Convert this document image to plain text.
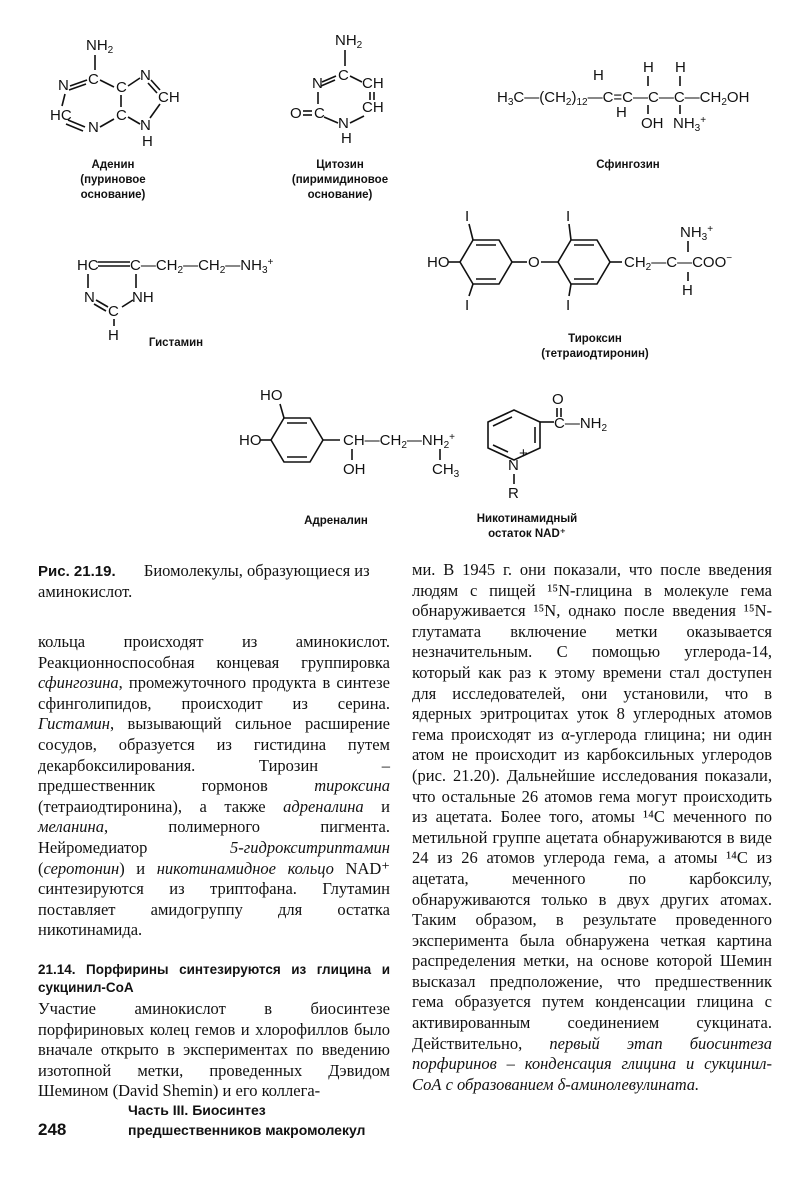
$NH_2$
C
N
HC
N
C
C
N
CH
N
H
Аденин
(пуриновое
основание)
$NH_2$
C
N	CH
O C CH
N
H
Цитозин
(пиримидиновое
основание)
$H_3C—(CH_2)_{12}—C=C—C—C—CH_2OH$
H	H H
H
OH $NH_3^+$
Сфингозин
HC $C—CH_2—CH_2—NH_3^+$
N NH
C
H	Гистамин
I
I
I
I
HO	O	$CH_2—C—COO^-$
$NH_3^+$
H
Тироксин
(тетраиодтиронин)
HO
HO	$CH—CH_2—NH_2^+$
OH	$CH_3$
Адреналин
$C—NH_2$
O
N
+
R
Никотинамидный
остаток NAD⁺
Рис. 21.19. Биомолекулы, образующиеся из аминокислот.

кольца происходят из аминокислот. Реакционноспособная концевая группировка сфингозина, промежуточного продукта в синтезе сфинголипидов, происходит из серина. Гистамин, вызывающий сильное расширение сосудов, образуется из гистидина путем декарбоксилирования. Тирозин – предшественник гормонов тироксина (тетраиодтиронина), а также адреналина и меланина, полимерного пигмента. Нейромедиатор 5-гидрокситриптамин (серотонин) и никотинамидное кольцо NAD⁺ синтезируются из триптофана. Глутамин поставляет амидогруппу для остатка никотинамида.

21.14. Порфирины синтезируются из глицина и сукцинил-СоА

Участие аминокислот в биосинтезе порфириновых колец гемов и хлорофиллов было вначале открыто в экспериментах по введению изотопной метки, проведенных Дэвидом Шемином (David Shemin) и его коллега-

ми. В 1945 г. они показали, что после введения людям с пищей ¹⁵N-глицина в молекуле гема обнаруживается ¹⁵N, однако после введения ¹⁵N-глутамата включение метки оказывается незначительным. С помощью углерода-14, который как раз к этому времени стал доступен для исследователей, они установили, что в ядерных эритроцитах уток 8 углеродных атомов гема происходят из α-углерода глицина; ни один атом не происходит из карбоксильных углеродов (рис. 21.20). Дальнейшие исследования показали, что остальные 26 атомов гема могут происходить из ацетата. Более того, атомы ¹⁴С меченного по метильной группе ацетата обнаруживаются в виде 24 из 26 атомов углерода гема, а атомы ¹⁴С из ацетата, меченного по карбоксилу, обнаруживаются только в двух других атомах. Таким образом, в результате проведенного эксперимента была обнаружена четкая картина распределения метки, на основе которой Шемин высказал предположение, что предшественник гема образуется путем конденсации глицина с активированным соединением сукцината. Действительно, первый этап биосинтеза порфиринов – конденсация глицина и сукцинил-СоА с образованием δ-аминолевулината.

248
Часть III. Биосинтез
предшественников макромолекул
